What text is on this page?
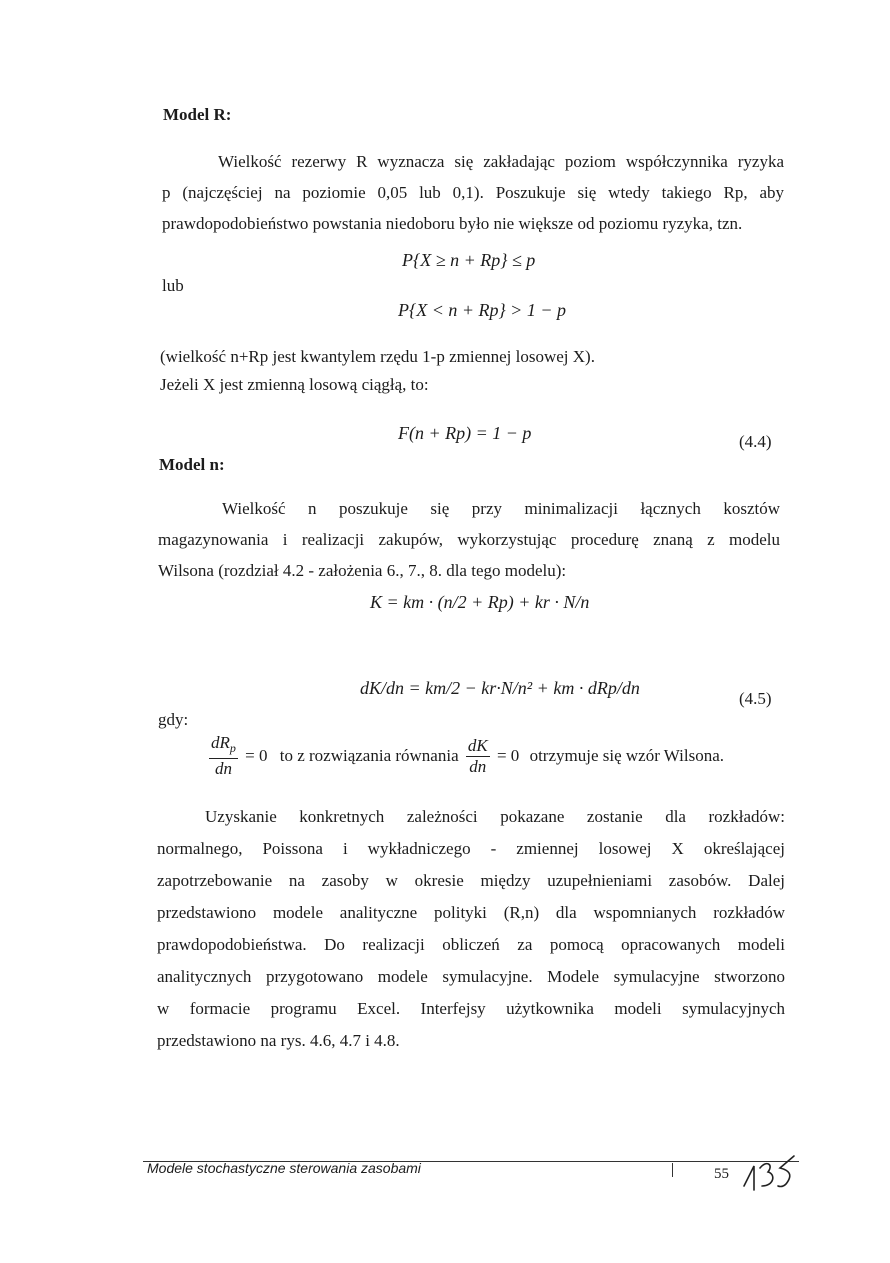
Model R:
Wielkość rezerwy R wyznacza się zakładając poziom współczynnika ryzyka
p (najczęściej na poziomie 0,05 lub 0,1). Poszukuje się wtedy takiego Rp, aby
prawdopodobieństwo powstania niedoboru było nie większe od poziomu ryzyka, tzn.
P{X ≥ n + Rp} ≤ p
lub
P{X < n + Rp} > 1 − p
(wielkość n+Rp jest kwantylem rzędu 1-p zmiennej losowej X).
Jeżeli X jest zmienną losową ciągłą, to:
F(n + Rp) = 1 − p	(4.4)
Model n:
Wielkość n poszukuje się przy minimalizacji łącznych kosztów
magazynowania i realizacji zakupów, wykorzystując procedurę znaną z modelu
Wilsona (rozdział 4.2 - założenia 6., 7., 8. dla tego modelu):
K = km · (n/2 + Rp) + kr · N/n
dK/dn = km/2 − kr·N/n² + km · dRp/dn
(4.5)
gdy:
$\frac{dR_p}{dn} = 0$ to z rozwiązania równania $\frac{dK}{dn} = 0$ otrzymuje się wzór Wilsona.
Uzyskanie konkretnych zależności pokazane zostanie dla rozkładów:
normalnego, Poissona i wykładniczego - zmiennej losowej X określającej
zapotrzebowanie na zasoby w okresie między uzupełnieniami zasobów. Dalej
przedstawiono modele analityczne polityki (R,n) dla wspomnianych rozkładów
prawdopodobieństwa. Do realizacji obliczeń za pomocą opracowanych modeli
analitycznych przygotowano modele symulacyjne. Modele symulacyjne stworzono
w formacie programu Excel. Interfejsy użytkownika modeli symulacyjnych
przedstawiono na rys. 4.6, 4.7 i 4.8.
Modele stochastyczne sterowania zasobami	55
